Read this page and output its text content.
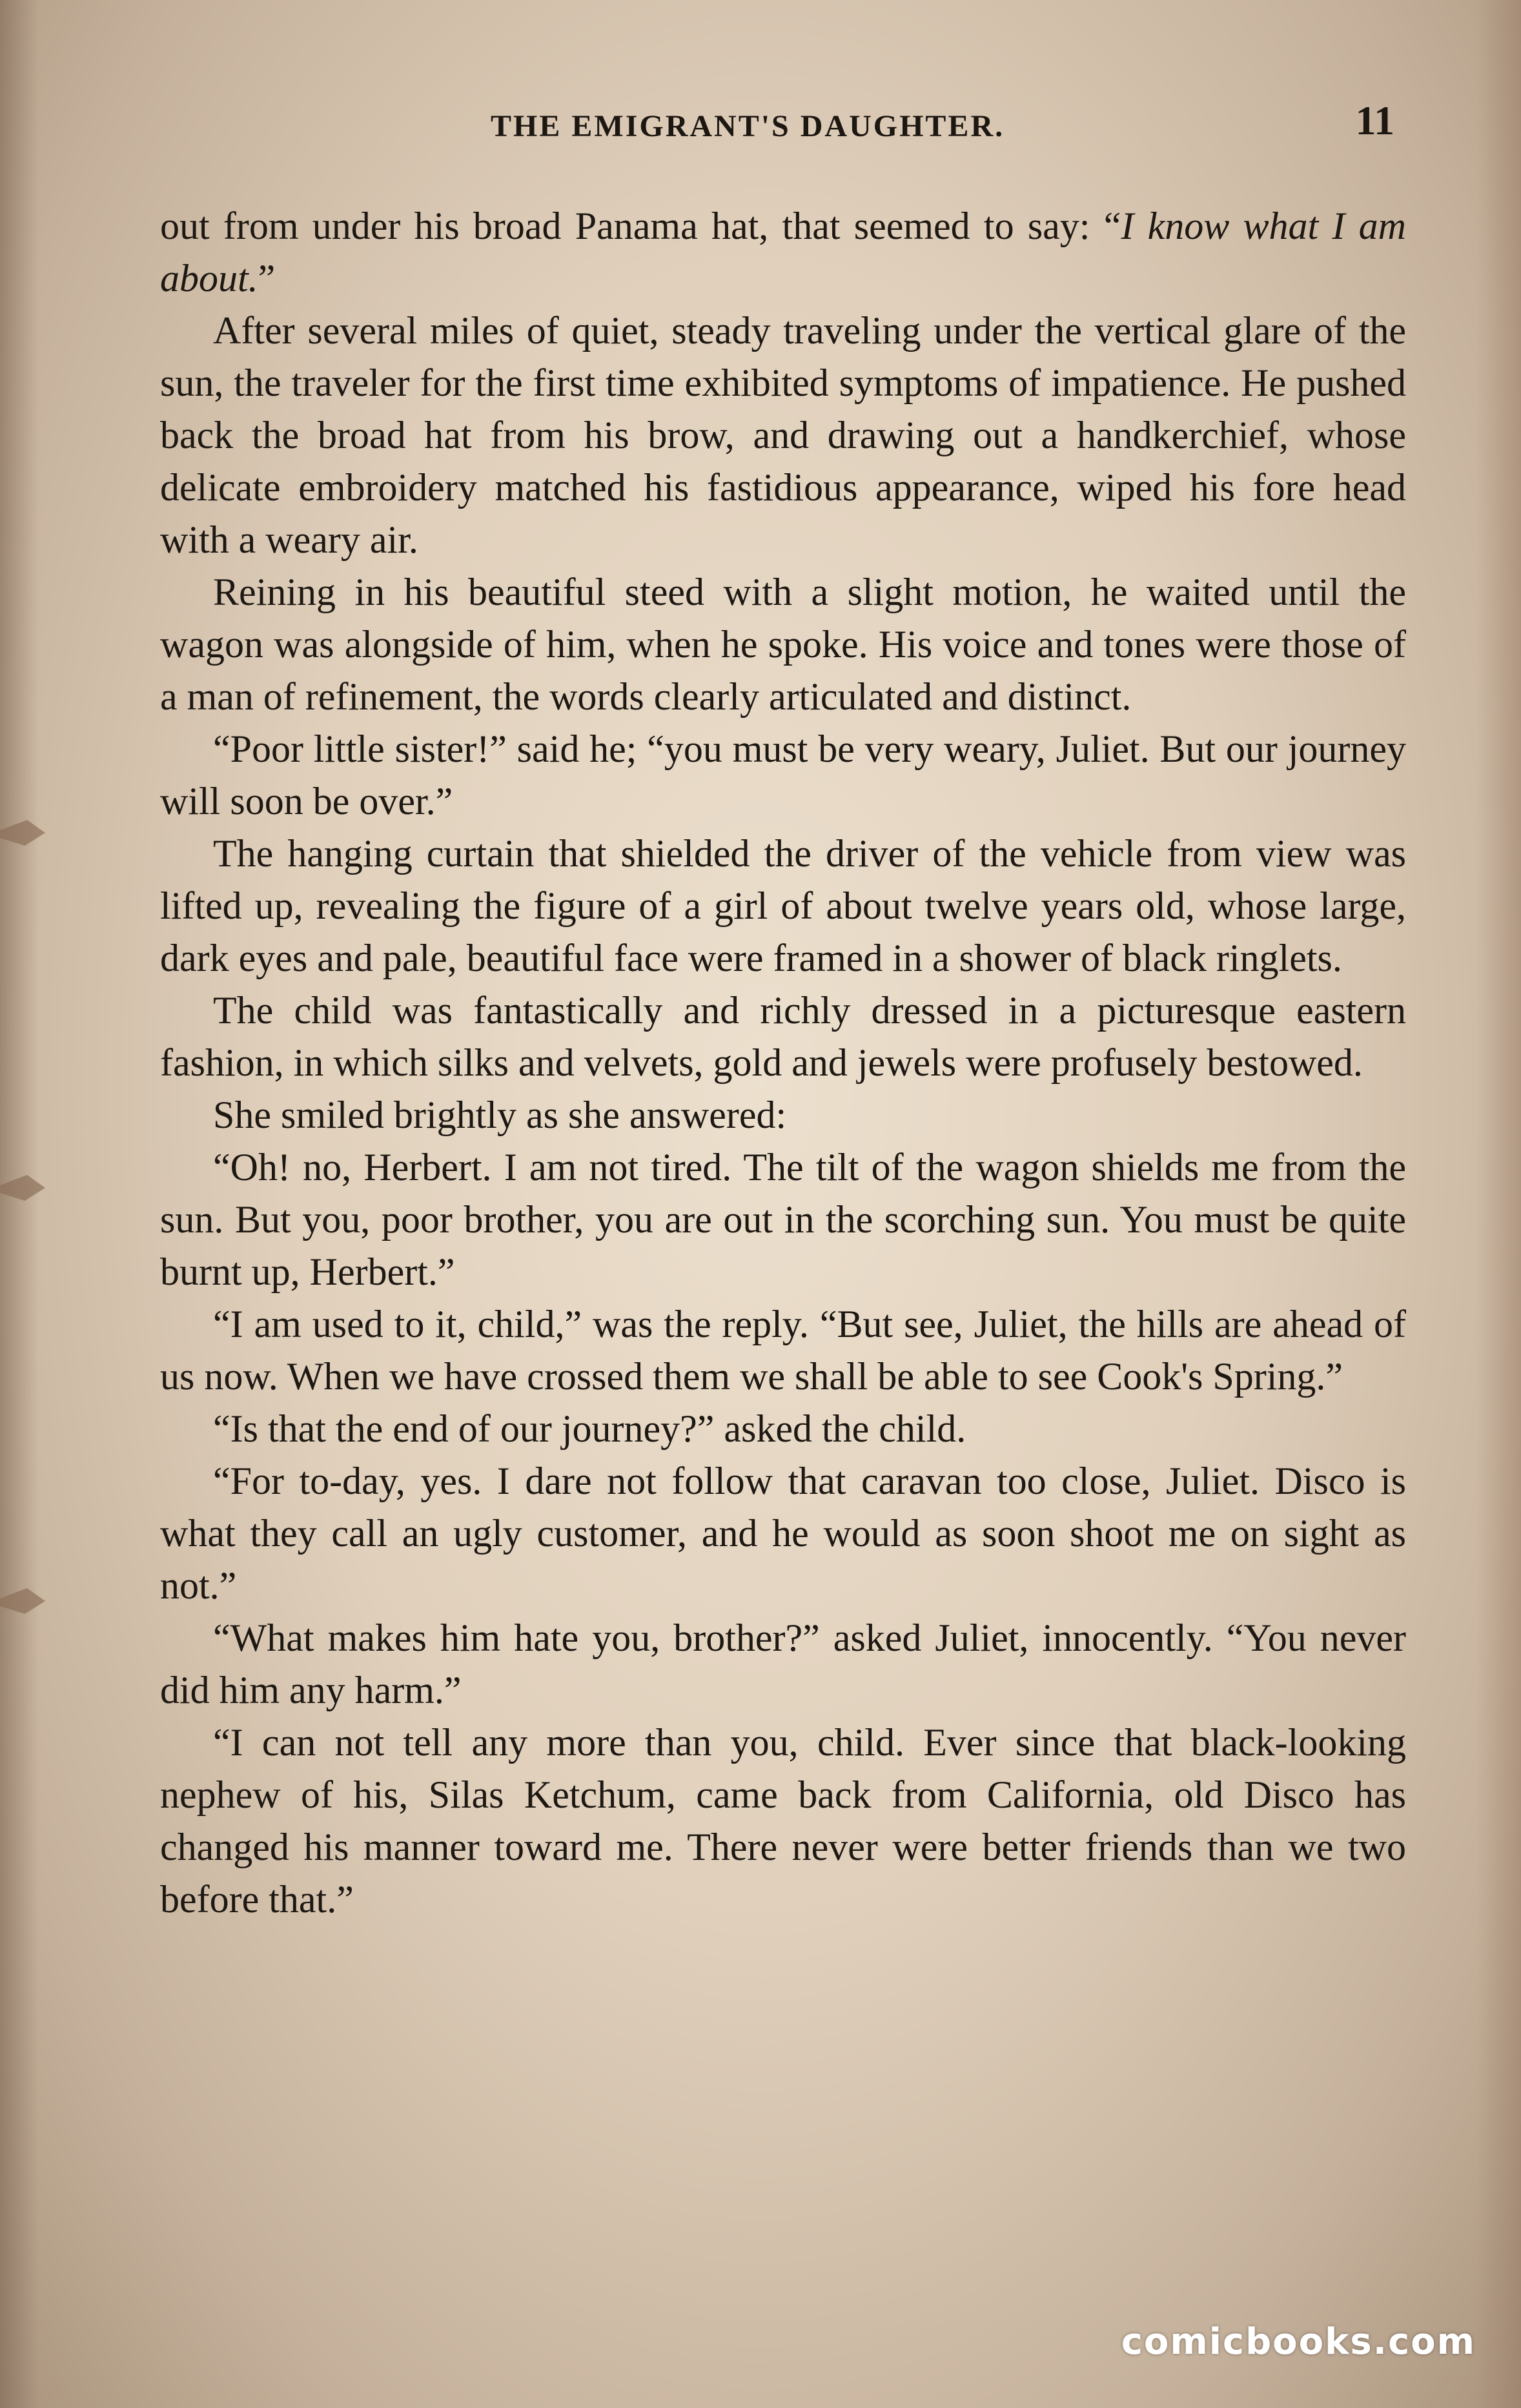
THE EMIGRANT'S DAUGHTER.	11

out from under his broad Panama hat, that seemed to say: “I know what I am about.”

After several miles of quiet, steady traveling under the vertical glare of the sun, the traveler for the first time exhibited symptoms of impatience. He pushed back the broad hat from his brow, and drawing out a handkerchief, whose delicate embroidery matched his fastidious appearance, wiped his fore head with a weary air.

Reining in his beautiful steed with a slight motion, he waited until the wagon was alongside of him, when he spoke. His voice and tones were those of a man of refinement, the words clearly articulated and distinct.

“Poor little sister!” said he; “you must be very weary, Juliet. But our journey will soon be over.”

The hanging curtain that shielded the driver of the vehicle from view was lifted up, revealing the figure of a girl of about twelve years old, whose large, dark eyes and pale, beautiful face were framed in a shower of black ringlets.

The child was fantastically and richly dressed in a picturesque eastern fashion, in which silks and velvets, gold and jewels were profusely bestowed.

She smiled brightly as she answered:

“Oh! no, Herbert. I am not tired. The tilt of the wagon shields me from the sun. But you, poor brother, you are out in the scorching sun. You must be quite burnt up, Herbert.”

“I am used to it, child,” was the reply. “But see, Juliet, the hills are ahead of us now. When we have crossed them we shall be able to see Cook's Spring.”

“Is that the end of our journey?” asked the child.

“For to-day, yes. I dare not follow that caravan too close, Juliet. Disco is what they call an ugly customer, and he would as soon shoot me on sight as not.”

“What makes him hate you, brother?” asked Juliet, innocently. “You never did him any harm.”

“I can not tell any more than you, child. Ever since that black-looking nephew of his, Silas Ketchum, came back from California, old Disco has changed his manner toward me. There never were better friends than we two before that.”

comicbooks.com
